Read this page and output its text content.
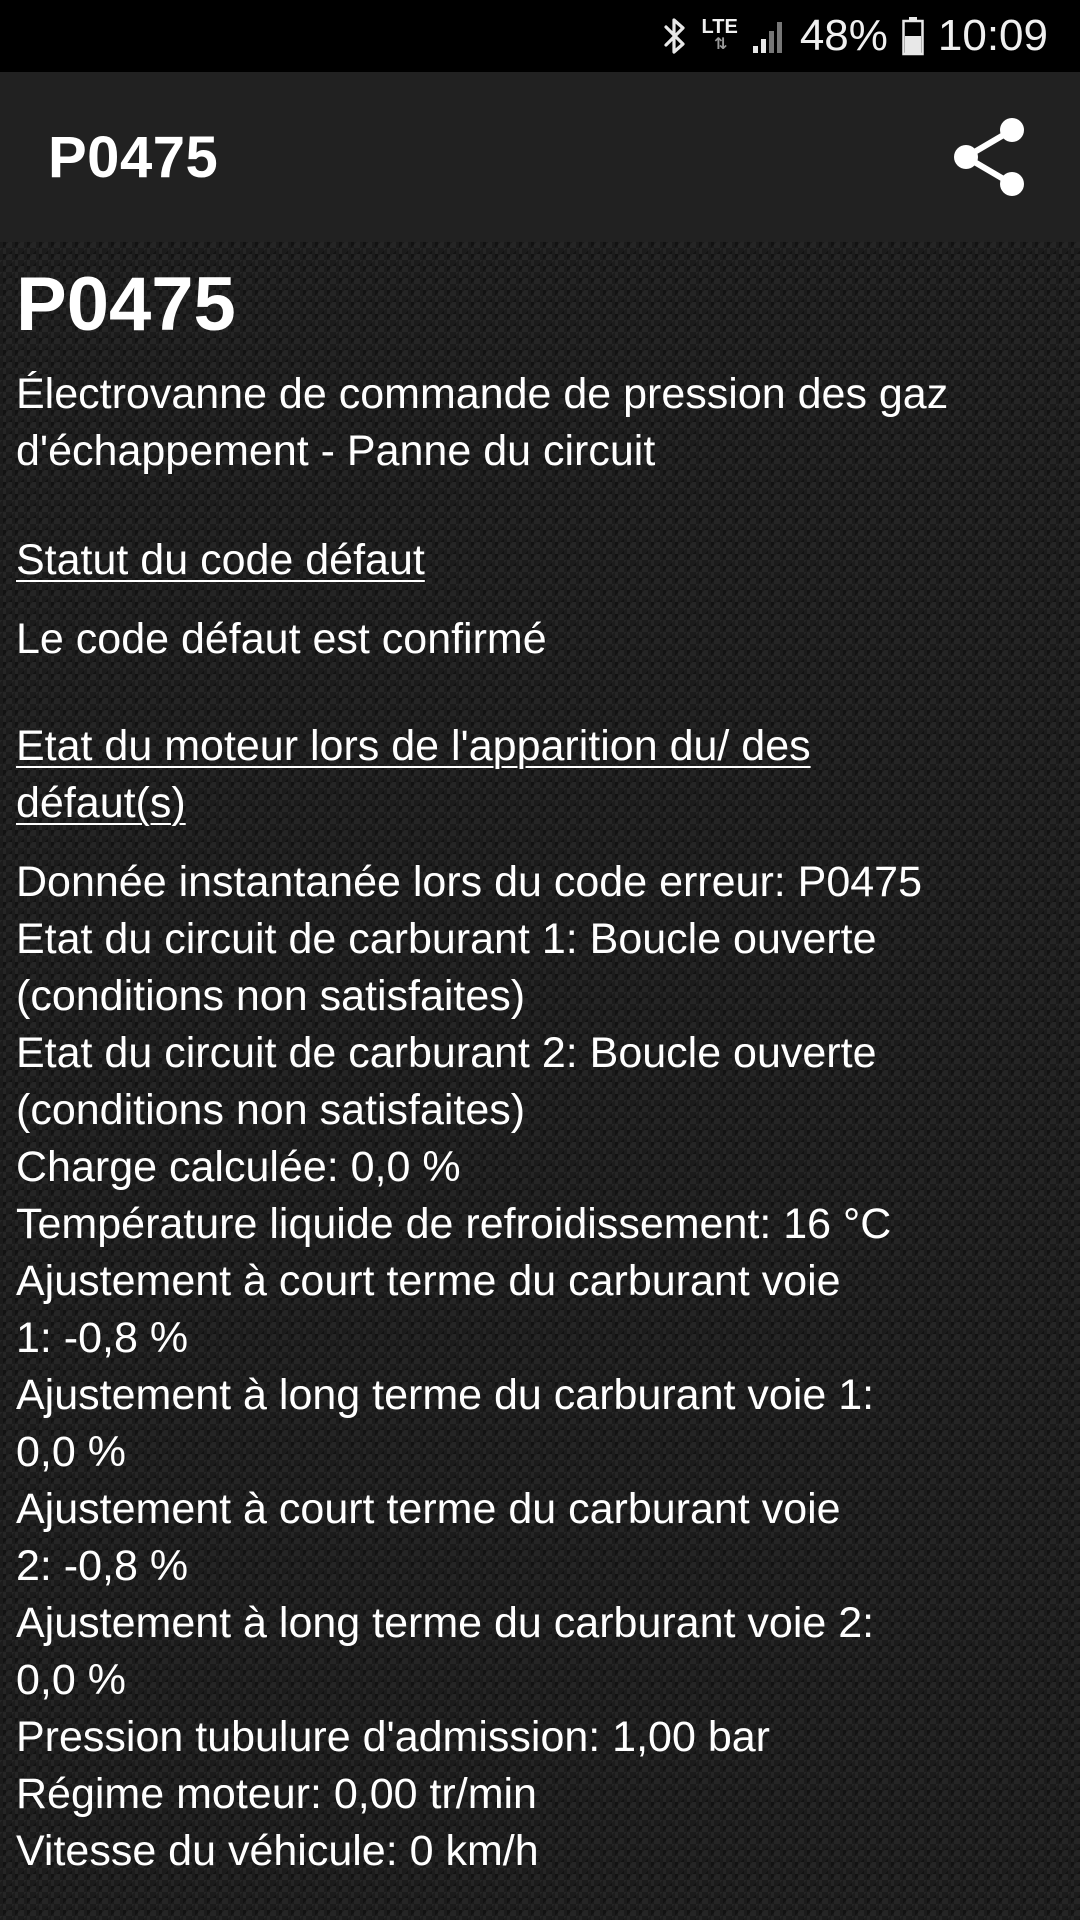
LTE
⇅ 48% 10:09
P0475
P0475

Électrovanne de commande de pression des gaz d'échappement - Panne du circuit

Statut du code défaut

Le code défaut est confirmé

Etat du moteur lors de l'apparition du/ des défaut(s)

Donnée instantanée lors du code erreur: P0475
Etat du circuit de carburant 1: Boucle ouverte (conditions non satisfaites)
Etat du circuit de carburant 2: Boucle ouverte (conditions non satisfaites)
Charge calculée: 0,0 %
Température liquide de refroidissement: 16 °C
Ajustement à court terme du carburant voie 1: -0,8 %
Ajustement à long terme du carburant voie 1: 0,0 %
Ajustement à court terme du carburant voie 2: -0,8 %
Ajustement à long terme du carburant voie 2: 0,0 %
Pression tubulure d'admission: 1,00 bar
Régime moteur: 0,00 tr/min
Vitesse du véhicule: 0 km/h
